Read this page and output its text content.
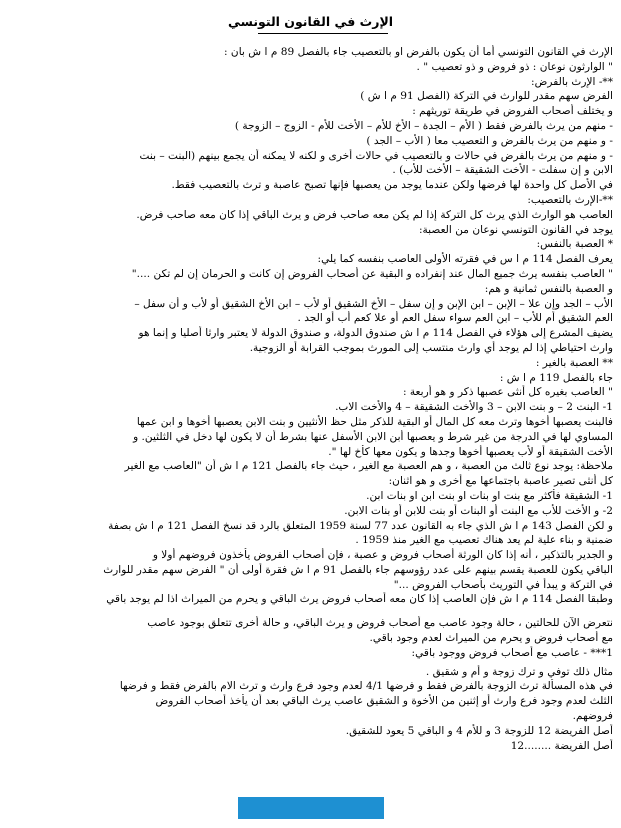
الإرث في القانون التونسي

الإرث في القانون التونسي أما أن يكون بالفرض او بالتعصيب جاء بالفصل 89 م ا ش بان :

" الوارثون نوعان : ذو فروض و ذو تعصيب " .

**- الإرث بالفرض:

الفرض سهم مقدر للوارث في التركة (الفصل 91 م ا ش )

و يختلف أصحاب الفروض في طريقة توريثهم :

- منهم من يرث بالفرض فقط ( الأم – الجدة – الأخ للأم – الأخت للأم - الزوج – الزوجة )

- و منهم من يرث بالفرض و التعصيب معا ( الأب – الجد )

- و منهم من يرث بالفرض في حالات و بالتعصيب في حالات أخرى و لكنه لا يمكنه أن يجمع بينهم (البنت – بنت

الابن و إن سفلت - الأخت الشقيقة – الأخت للأب) .

في الأصل كل واحدة لها فرضها ولكن عندما يوجد من يعصبها فإنها تصبح عاصبة و ترث بالتعصيب فقط.

**-الإرث بالتعصيب:

العاصب هو الوارث الذي يرث كل التركة إذا لم يكن معه صاحب فرض و يرث الباقي إذا كان معه صاحب فرض.

يوجد في القانون التونسي نوعان من العصبة:

* العصبة بالنفس:

يعرف الفصل 114 م ا س في فقرته الأولى العاصب بنفسه كما يلي:

" العاصب بنفسه يرث جميع المال عند إنفراده و البقية عن أصحاب الفروض إن كانت و الحرمان إن لم تكن ...."

و العصبة بالنفس ثمانية و هم:

الأب – الجد وإن علا – الإبن – ابن الإبن و إن سفل – الأخ الشقيق أو لأب – ابن الأخ الشقيق أو لأب و أن سفل –

العم الشقيق أم للأب – ابن العم سواء سفل العم أو علا كعم أب أو الجد .

يضيف المشرع إلى هؤلاء في الفصل 114 م ا ش صندوق الدولة، و صندوق الدولة لا يعتبر وارثا أصليا و إنما هو

وارث احتياطي إذا لم يوجد أي وارث منتسب إلى المورث بموجب القرابة أو الزوجية.

** العصبة بالغير :

جاء بالفصل 119 م ا ش :

" العاصب بغيره كل أنثى عصبها ذكر و هو أربعة :

1- البنت 2 – و بنت الابن – 3 والأخت الشقيقة – 4 والأخت الاب.

فالبنت يعصبها أخوها وترث معه كل المال أو البقية للذكر مثل حظ الأنثيين و بنت الابن يعصبها أخوها و ابن عمها

المساوي لها في الدرجة من غير شرط و يعصبها أبن الابن الأسفل عنها بشرط أن لا يكون لها دخل في الثلثين. و

الأخت الشقيقة أو لأب يعصبها أخوها وجدها و يكون معها كأخ لها ".

ملاحظة: يوجد نوع ثالث من العصبة ، و هم العصبة مع الغير ، حيث جاء بالفصل 121 م ا ش أن "العاصب مع الغير

كل أنثى تصير عاصبة باجتماعها مع أخرى و هو اثنان:

1- الشقيقة فأكثر مع بنت او بنات او بنت ابن او بنات ابن.

2- و الأخت للأب مع البنت أو البنات أو بنت للابن أو بنات الابن.

و لكن الفصل 143 م ا ش الذي جاء به القانون عدد 77 لسنة 1959 المتعلق بالرد قد نسخ الفصل 121 م ا ش بصفة

ضمنية و بناء علية لم يعد هناك تعصيب مع الغير منذ 1959 .

و الجدير بالتذكير ، أنه إذا كان الورثة أصحاب فروض و عصبة ، فإن أصحاب الفروض يأخذون فروضهم أولا و

الباقي يكون للعصبة يقسم بينهم على عدد رؤوسهم جاء بالفصل 91 م ا ش فقرة أولى أن " الفرض سهم مقدر للوارث

في التركة و يبدأ في التوريث بأصحاب الفروض ..."

وطبقا الفصل 114 م ا ش فإن العاصب إذا كان معه أصحاب فروض يرث الباقي و يحرم من الميراث اذا لم يوجد باقي

نتعرض الآن للحالتين ، حالة وجود عاصب مع أصحاب فروض و يرث الباقي، و حالة أخرى تتعلق بوجود عاصب

مع أصحاب فروض و يحرم من الميراث لعدم وجود باقي.

1*** - عاصب مع أصحاب فروض ووجود باقي:

مثال ذلك توفي و ترك زوجة و أم و شقيق .

في هذه المسألة ترث الزوجة بالفرض فقط و فرضها 4/1 لعدم وجود فرع وارث و ترث الام بالفرض فقط و فرضها

الثلث لعدم وجود فرع وارث أو إثنين من الأخوة و الشقيق عاصب يرث الباقي بعد أن يأخذ أصحاب الفروض

فروضهم.

أصل الفريضة 12 للزوجة 3 و للأم 4 و الباقي 5 يعود للشقيق.

أصل الفريضة ........12
